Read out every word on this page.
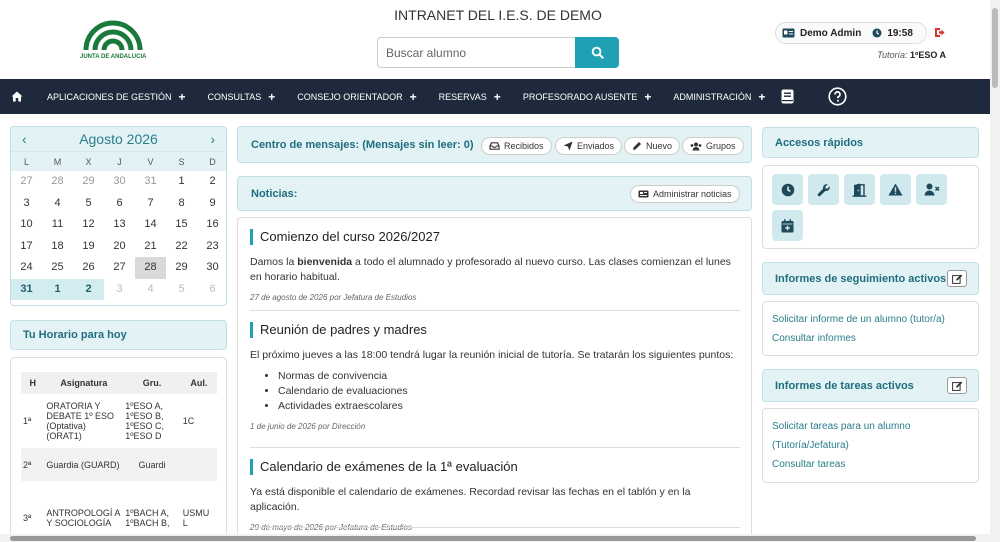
JUNTA DE ANDALUCIA
INTRANET DEL I.E.S. DE DEMO
Buscar alumno
Demo Admin	19:58
Tutoría: 1ºESO A
APLICACIONES DE GESTIÓN + CONSULTAS + CONSEJO ORIENTADOR + RESERVAS + PROFESORADO AUSENTE + ADMINISTRACIÓN +
‹	Agosto 2026	›
L	M	X	J	V	S	D
27	28	29	30	31	1	2
3	4	5	6	7	8	9
10	11	12	13	14	15	16
17	18	19	20	21	22	23
24	25	26	27	28	29	30
31	1	2	3	4	5	6
Tu Horario para hoy
H	Asignatura	Gru.	Aul.
1ª	ORATORIA Y DEBATE 1º ESO (Optativa) (ORAT1)	1ºESO A, 1ºESO B, 1ºESO C, 1ºESO D	1C
2ª	Guardia (GUARD)	Guardi	
3ª	ANTROPOLOGÍ A Y SOCIOLOGÍA	1ºBACH A, 1ºBACH B,	USMU L
Centro de mensajes: (Mensajes sin leer: 0)	Recibidos	Enviados	Nuevo	Grupos
Noticias:	Administrar noticias
Comienzo del curso 2026/2027
Damos la bienvenida a todo el alumnado y profesorado al nuevo curso. Las clases comienzan el lunes en horario habitual.
27 de agosto de 2026 por Jefatura de Estudios
Reunión de padres y madres
El próximo jueves a las 18:00 tendrá lugar la reunión inicial de tutoría. Se tratarán los siguientes puntos:
• Normas de convivencia
• Calendario de evaluaciones
• Actividades extraescolares
1 de junio de 2026 por Dirección
Calendario de exámenes de la 1ª evaluación
Ya está disponible el calendario de exámenes. Recordad revisar las fechas en el tablón y en la aplicación.
29 de mayo de 2026 por Jefatura de Estudios
Accesos rápidos
Informes de seguimiento activos
Solicitar informe de un alumno (tutor/a)
Consultar informes
Informes de tareas activos
Solicitar tareas para un alumno
(Tutoría/Jefatura)
Consultar tareas
